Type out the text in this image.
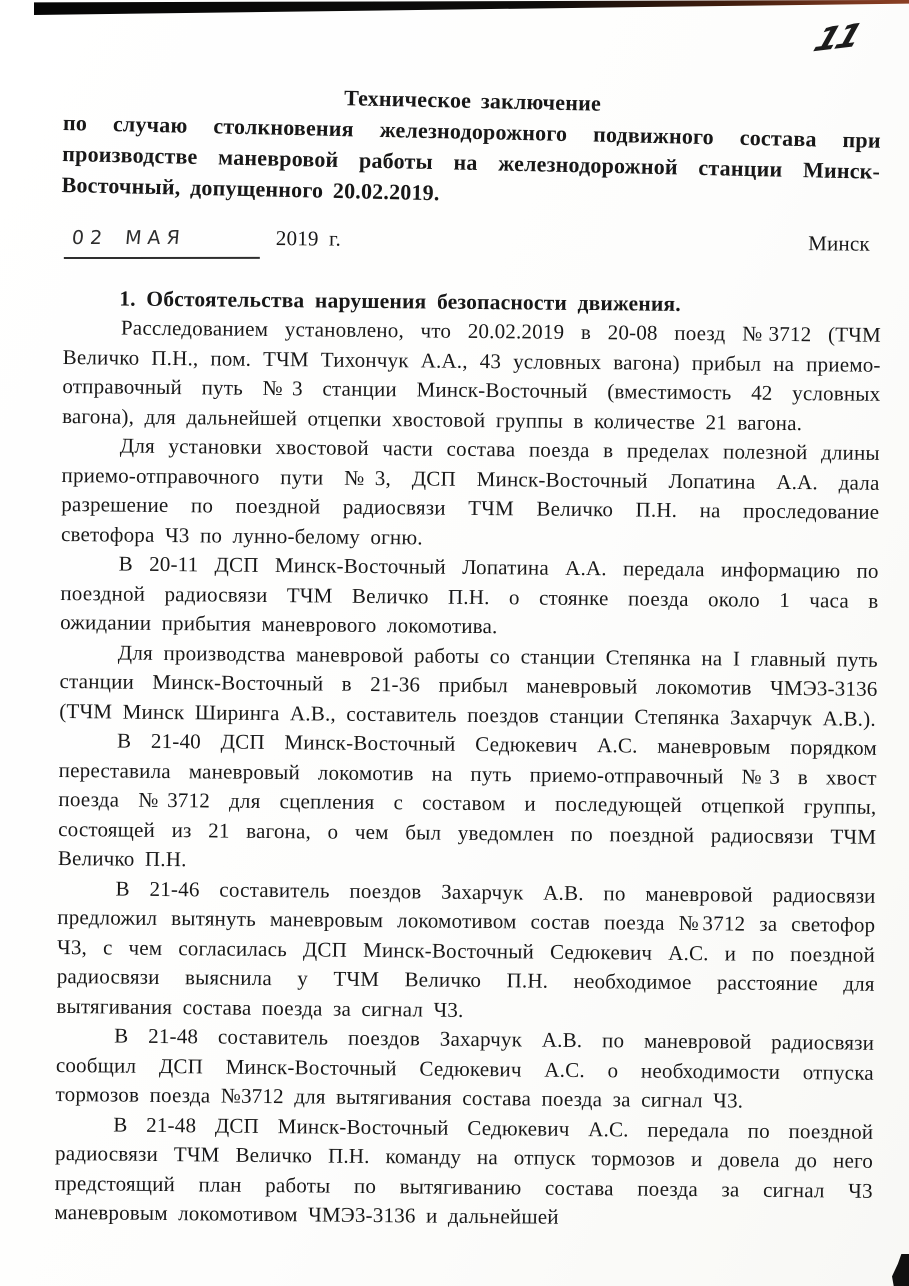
11
Техническое заключение
по случаю столкновения железнодорожного подвижного состава при производстве маневровой работы на железнодорожной станции Минск-Восточный, допущенного 20.02.2019.
02 МАЯ	2019 г.	Минск
1. Обстоятельства нарушения безопасности движения.

Расследованием установлено, что 20.02.2019 в 20-08 поезд №3712 (ТЧМ Величко П.Н., пом. ТЧМ Тихончук А.А., 43 условных вагона) прибыл на приемо-отправочный путь №3 станции Минск-Восточный (вместимость 42 условных вагона), для дальнейшей отцепки хвостовой группы в количестве 21 вагона.

Для установки хвостовой части состава поезда в пределах полезной длины приемо-отправочного пути №3, ДСП Минск-Восточный Лопатина А.А. дала разрешение по поездной радиосвязи ТЧМ Величко П.Н. на проследование светофора Ч3 по лунно-белому огню.

В 20-11 ДСП Минск-Восточный Лопатина А.А. передала информацию по поездной радиосвязи ТЧМ Величко П.Н. о стоянке поезда около 1 часа в ожидании прибытия маневрового локомотива.

Для производства маневровой работы со станции Степянка на I главный путь станции Минск-Восточный в 21-36 прибыл маневровый локомотив ЧМЭ3-3136 (ТЧМ Минск Ширинга А.В., составитель поездов станции Степянка Захарчук А.В.).

В 21-40 ДСП Минск-Восточный Седюкевич А.С. маневровым порядком переставила маневровый локомотив на путь приемо-отправочный №3 в хвост поезда №3712 для сцепления с составом и последующей отцепкой группы, состоящей из 21 вагона, о чем был уведомлен по поездной радиосвязи ТЧМ Величко П.Н.

В 21-46 составитель поездов Захарчук А.В. по маневровой радиосвязи предложил вытянуть маневровым локомотивом состав поезда №3712 за светофор Ч3, с чем согласилась ДСП Минск-Восточный Седюкевич А.С. и по поездной радиосвязи выяснила у ТЧМ Величко П.Н. необходимое расстояние для вытягивания состава поезда за сигнал Ч3.

В 21-48 составитель поездов Захарчук А.В. по маневровой радиосвязи сообщил ДСП Минск-Восточный Седюкевич А.С. о необходимости отпуска тормозов поезда №3712 для вытягивания состава поезда за сигнал Ч3.

В 21-48 ДСП Минск-Восточный Седюкевич А.С. передала по поездной радиосвязи ТЧМ Величко П.Н. команду на отпуск тормозов и довела до него предстоящий план работы по вытягиванию состава поезда за сигнал Ч3 маневровым локомотивом ЧМЭ3-3136 и дальнейшей
